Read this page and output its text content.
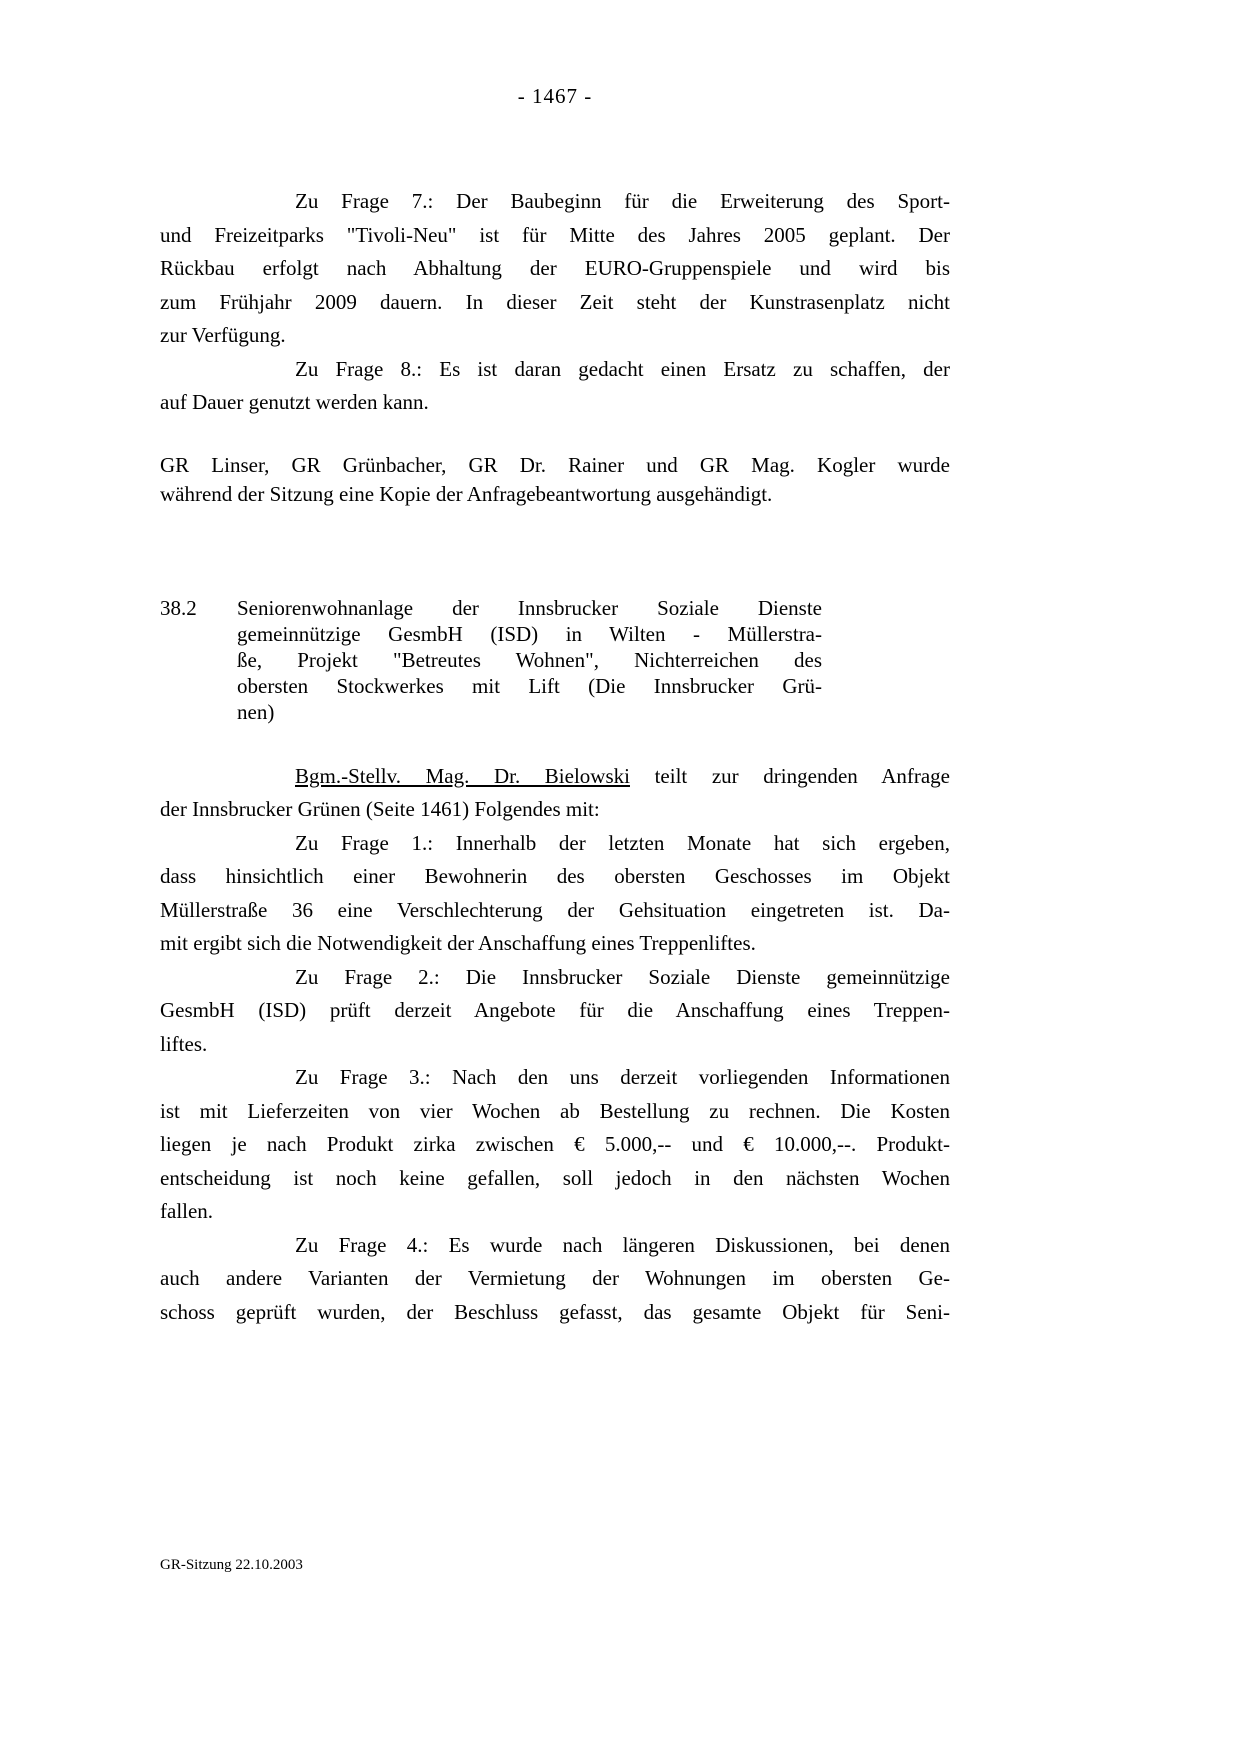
- 1467 -
Zu Frage 7.: Der Baubeginn für die Erweiterung des Sport-
und Freizeitparks "Tivoli-Neu" ist für Mitte des Jahres 2005 geplant. Der
Rückbau erfolgt nach Abhaltung der EURO-Gruppenspiele und wird bis
zum Frühjahr 2009 dauern. In dieser Zeit steht der Kunstrasenplatz nicht
zur Verfügung.
Zu Frage 8.: Es ist daran gedacht einen Ersatz zu schaffen, der
auf Dauer genutzt werden kann.
GR Linser, GR Grünbacher, GR Dr. Rainer und GR Mag. Kogler wurde
während der Sitzung eine Kopie der Anfragebeantwortung ausgehändigt.
38.2 Seniorenwohnanlage der Innsbrucker Soziale Dienste
gemeinnützige GesmbH (ISD) in Wilten - Müllerstra-
ße, Projekt "Betreutes Wohnen", Nichterreichen des
obersten Stockwerkes mit Lift (Die Innsbrucker Grü-
nen)
Bgm.-Stellv. Mag. Dr. Bielowski teilt zur dringenden Anfrage
der Innsbrucker Grünen (Seite 1461) Folgendes mit:
Zu Frage 1.: Innerhalb der letzten Monate hat sich ergeben,
dass hinsichtlich einer Bewohnerin des obersten Geschosses im Objekt
Müllerstraße 36 eine Verschlechterung der Gehsituation eingetreten ist. Da-
mit ergibt sich die Notwendigkeit der Anschaffung eines Treppenliftes.
Zu Frage 2.: Die Innsbrucker Soziale Dienste gemeinnützige
GesmbH (ISD) prüft derzeit Angebote für die Anschaffung eines Treppen-
liftes.
Zu Frage 3.: Nach den uns derzeit vorliegenden Informationen
ist mit Lieferzeiten von vier Wochen ab Bestellung zu rechnen. Die Kosten
liegen je nach Produkt zirka zwischen € 5.000,-- und € 10.000,--. Produkt-
entscheidung ist noch keine gefallen, soll jedoch in den nächsten Wochen
fallen.
Zu Frage 4.: Es wurde nach längeren Diskussionen, bei denen
auch andere Varianten der Vermietung der Wohnungen im obersten Ge-
schoss geprüft wurden, der Beschluss gefasst, das gesamte Objekt für Seni-
GR-Sitzung 22.10.2003
